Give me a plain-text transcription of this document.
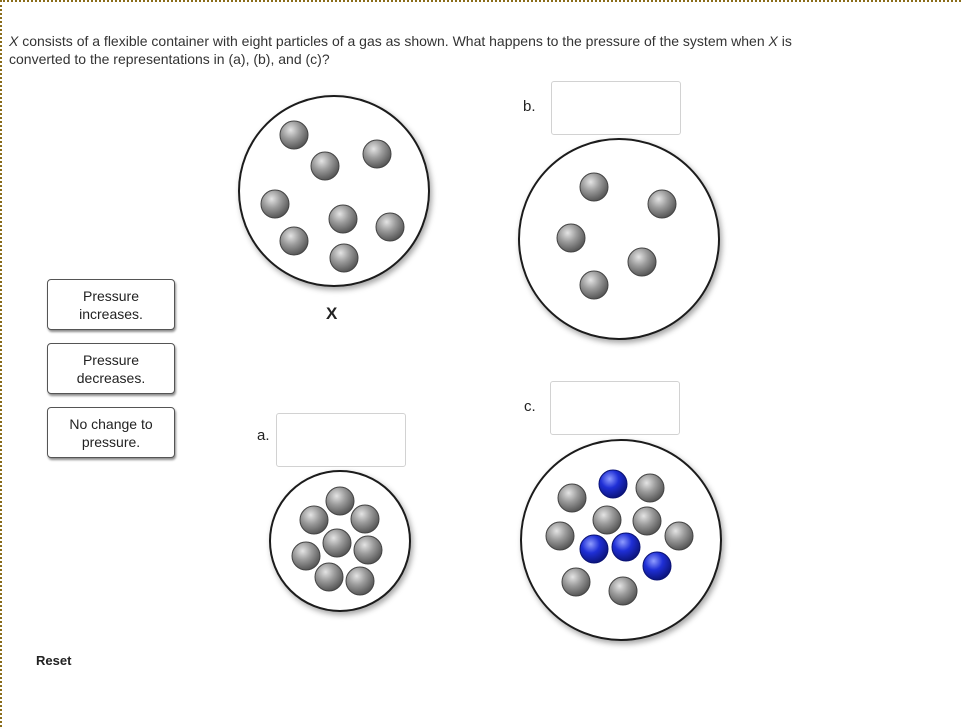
X consists of a flexible container with eight particles of a gas as shown. What happens to the pressure of the system when X is
converted to the representations in (a), (b), and (c)?

Pressure
increases.
Pressure
decreases.
No change to
pressure.
X
b.
c.
a.
Reset
